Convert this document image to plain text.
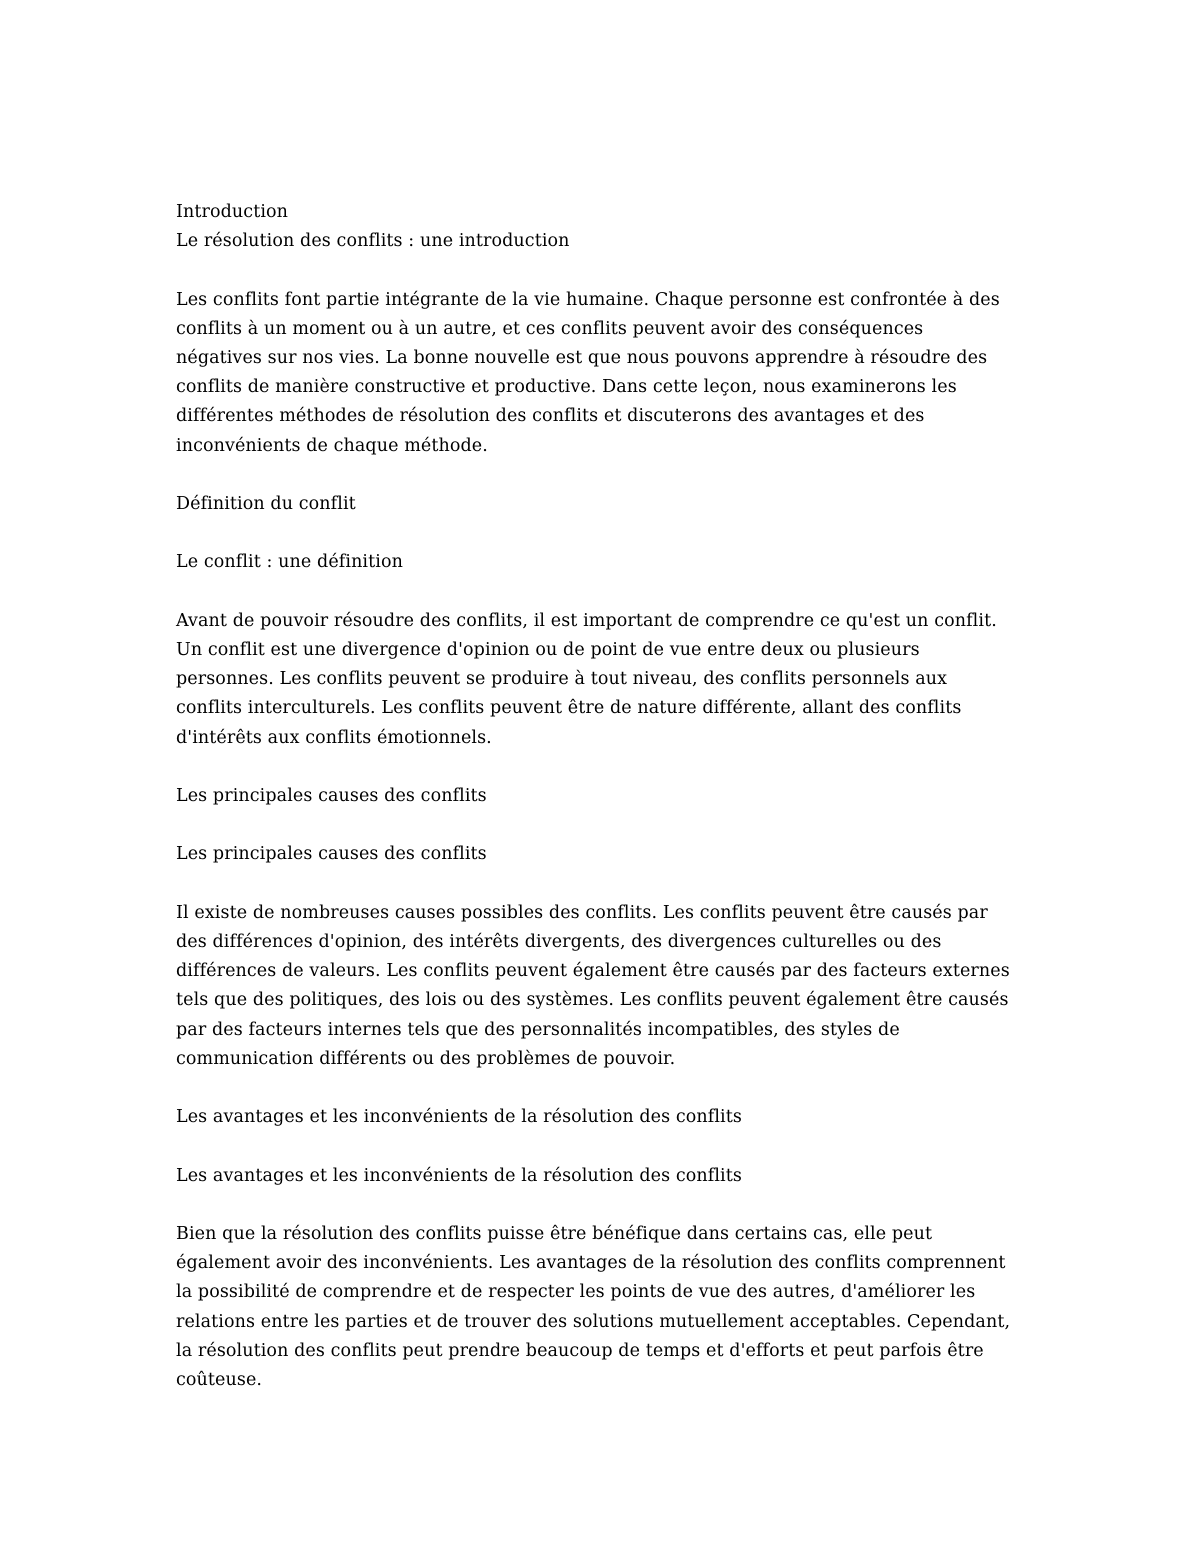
Introduction
Le résolution des conflits : une introduction
Les conflits font partie intégrante de la vie humaine. Chaque personne est confrontée à des
conflits à un moment ou à un autre, et ces conflits peuvent avoir des conséquences
négatives sur nos vies. La bonne nouvelle est que nous pouvons apprendre à résoudre des
conflits de manière constructive et productive. Dans cette leçon, nous examinerons les
différentes méthodes de résolution des conflits et discuterons des avantages et des
inconvénients de chaque méthode.
Définition du conflit
Le conflit : une définition
Avant de pouvoir résoudre des conflits, il est important de comprendre ce qu'est un conflit.
Un conflit est une divergence d'opinion ou de point de vue entre deux ou plusieurs
personnes. Les conflits peuvent se produire à tout niveau, des conflits personnels aux
conflits interculturels. Les conflits peuvent être de nature différente, allant des conflits
d'intérêts aux conflits émotionnels.
Les principales causes des conflits
Les principales causes des conflits
Il existe de nombreuses causes possibles des conflits. Les conflits peuvent être causés par
des différences d'opinion, des intérêts divergents, des divergences culturelles ou des
différences de valeurs. Les conflits peuvent également être causés par des facteurs externes
tels que des politiques, des lois ou des systèmes. Les conflits peuvent également être causés
par des facteurs internes tels que des personnalités incompatibles, des styles de
communication différents ou des problèmes de pouvoir.
Les avantages et les inconvénients de la résolution des conflits
Les avantages et les inconvénients de la résolution des conflits
Bien que la résolution des conflits puisse être bénéfique dans certains cas, elle peut
également avoir des inconvénients. Les avantages de la résolution des conflits comprennent
la possibilité de comprendre et de respecter les points de vue des autres, d'améliorer les
relations entre les parties et de trouver des solutions mutuellement acceptables. Cependant,
la résolution des conflits peut prendre beaucoup de temps et d'efforts et peut parfois être
coûteuse.
